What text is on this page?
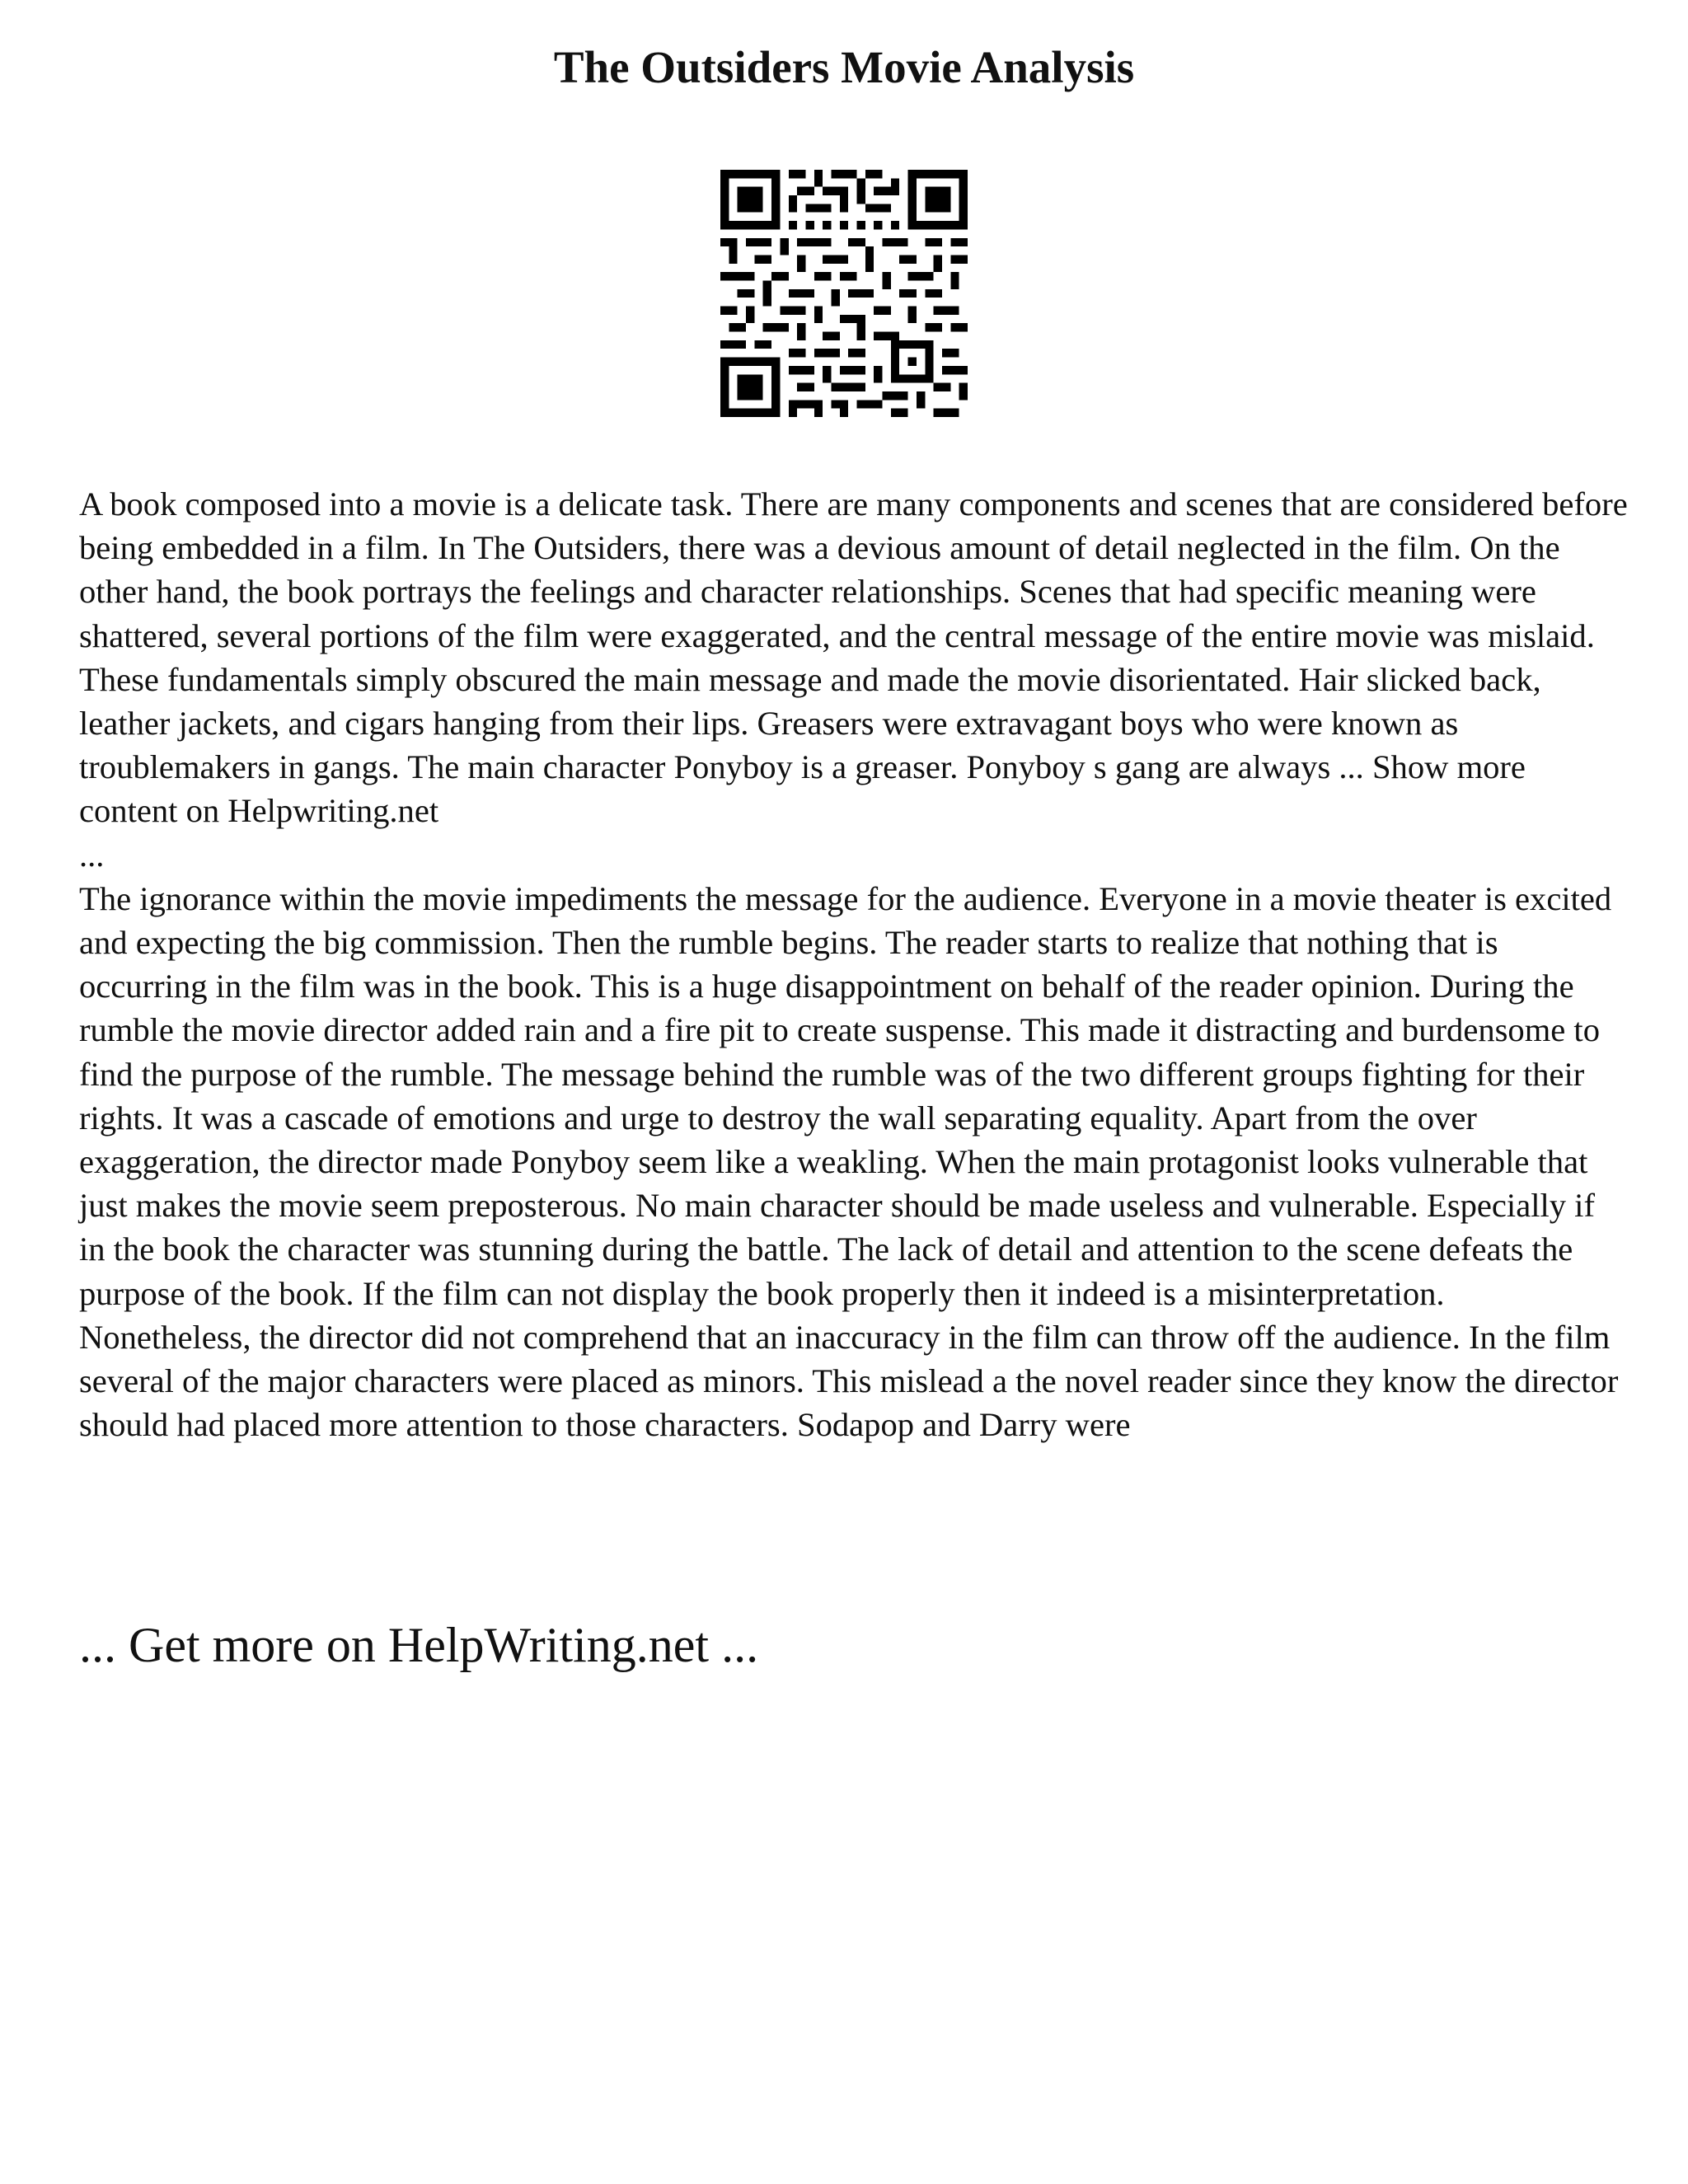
The Outsiders Movie Analysis
A book composed into a movie is a delicate task. There are many components and scenes that are considered before being embedded in a film. In The Outsiders, there was a devious amount of detail neglected in the film. On the other hand, the book portrays the feelings and character relationships. Scenes that had specific meaning were shattered, several portions of the film were exaggerated, and the central message of the entire movie was mislaid. These fundamentals simply obscured the main message and made the movie disorientated. Hair slicked back, leather jackets, and cigars hanging from their lips. Greasers were extravagant boys who were known as troublemakers in gangs. The main character Ponyboy is a greaser. Ponyboy s gang are always ... Show more content on Helpwriting.net
...
The ignorance within the movie impediments the message for the audience. Everyone in a movie theater is excited and expecting the big commission. Then the rumble begins. The reader starts to realize that nothing that is occurring in the film was in the book. This is a huge disappointment on behalf of the reader opinion. During the rumble the movie director added rain and a fire pit to create suspense. This made it distracting and burdensome to find the purpose of the rumble. The message behind the rumble was of the two different groups fighting for their rights. It was a cascade of emotions and urge to destroy the wall separating equality. Apart from the over exaggeration, the director made Ponyboy seem like a weakling. When the main protagonist looks vulnerable that just makes the movie seem preposterous. No main character should be made useless and vulnerable. Especially if in the book the character was stunning during the battle. The lack of detail and attention to the scene defeats the purpose of the book. If the film can not display the book properly then it indeed is a misinterpretation.
Nonetheless, the director did not comprehend that an inaccuracy in the film can throw off the audience. In the film several of the major characters were placed as minors. This mislead a the novel reader since they know the director should had placed more attention to those characters. Sodapop and Darry were
... Get more on HelpWriting.net ...
